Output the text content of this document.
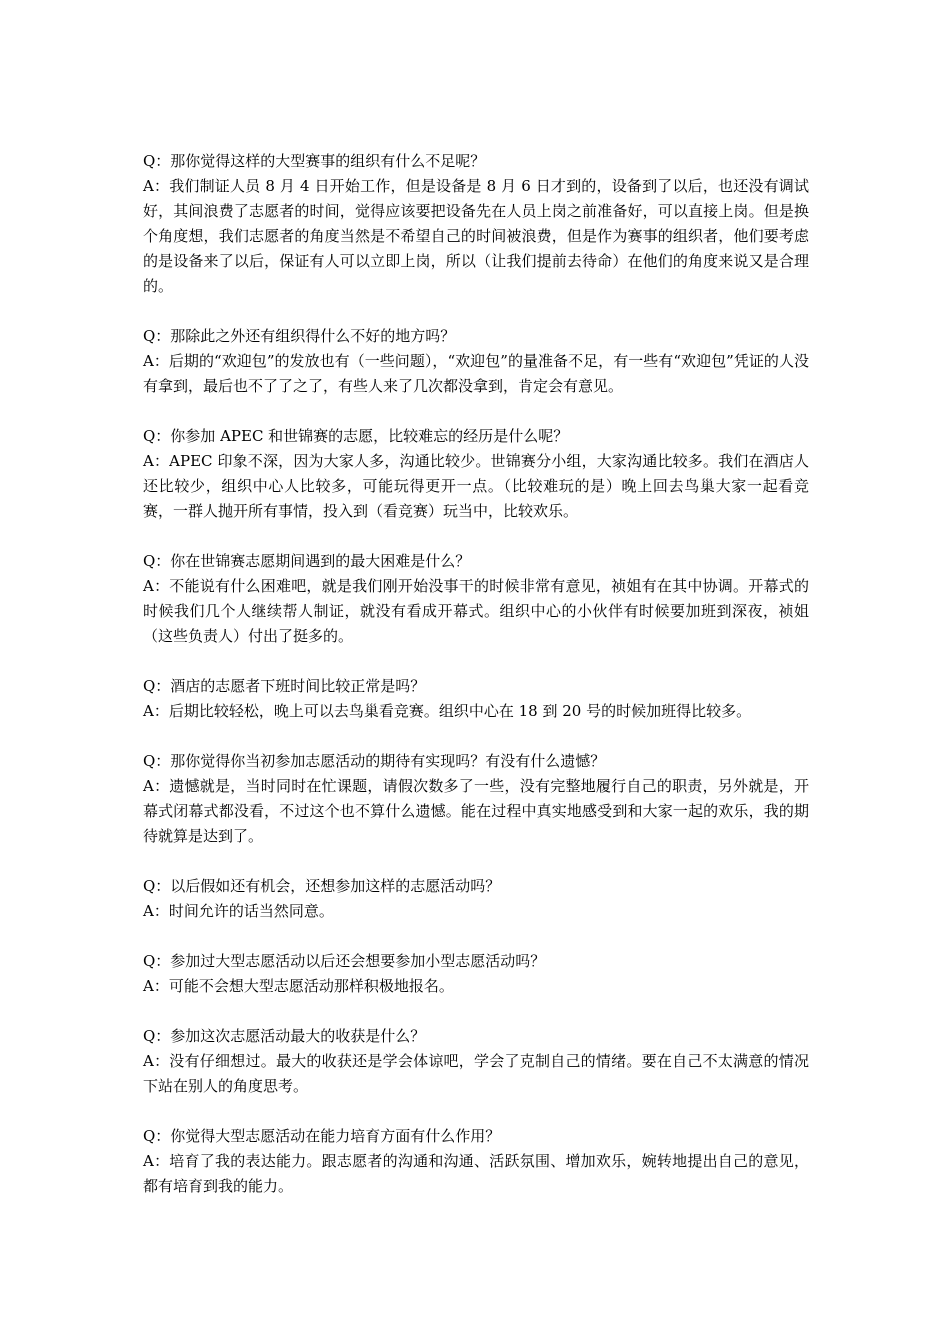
Q：那你觉得这样的大型赛事的组织有什么不足呢？

A：我们制证人员 8 月 4 日开始工作，但是设备是 8 月 6 日才到的，设备到了以后，也还没有调试好，其间浪费了志愿者的时间，觉得应该要把设备先在人员上岗之前准备好，可以直接上岗。但是换个角度想，我们志愿者的角度当然是不希望自己的时间被浪费，但是作为赛事的组织者，他们要考虑的是设备来了以后，保证有人可以立即上岗，所以（让我们提前去待命）在他们的角度来说又是合理的。

Q：那除此之外还有组织得什么不好的地方吗？

A：后期的“欢迎包”的发放也有（一些问题），“欢迎包”的量准备不足，有一些有“欢迎包”凭证的人没有拿到，最后也不了了之了，有些人来了几次都没拿到，肯定会有意见。

Q：你参加 APEC 和世锦赛的志愿，比较难忘的经历是什么呢？

A：APEC 印象不深，因为大家人多，沟通比较少。世锦赛分小组，大家沟通比较多。我们在酒店人还比较少，组织中心人比较多，可能玩得更开一点。（比较难玩的是）晚上回去鸟巢大家一起看竞赛，一群人抛开所有事情，投入到（看竞赛）玩当中，比较欢乐。

Q：你在世锦赛志愿期间遇到的最大困难是什么？

A：不能说有什么困难吧，就是我们刚开始没事干的时候非常有意见，祯姐有在其中协调。开幕式的时候我们几个人继续帮人制证，就没有看成开幕式。组织中心的小伙伴有时候要加班到深夜，祯姐（这些负责人）付出了挺多的。

Q：酒店的志愿者下班时间比较正常是吗？

A：后期比较轻松，晚上可以去鸟巢看竞赛。组织中心在 18 到 20 号的时候加班得比较多。

Q：那你觉得你当初参加志愿活动的期待有实现吗？有没有什么遗憾？

A：遗憾就是，当时同时在忙课题，请假次数多了一些，没有完整地履行自己的职责，另外就是，开幕式闭幕式都没看，不过这个也不算什么遗憾。能在过程中真实地感受到和大家一起的欢乐，我的期待就算是达到了。

Q：以后假如还有机会，还想参加这样的志愿活动吗？

A：时间允许的话当然同意。

Q：参加过大型志愿活动以后还会想要参加小型志愿活动吗？

A：可能不会想大型志愿活动那样积极地报名。

Q：参加这次志愿活动最大的收获是什么？

A：没有仔细想过。最大的收获还是学会体谅吧，学会了克制自己的情绪。要在自己不太满意的情况下站在别人的角度思考。

Q：你觉得大型志愿活动在能力培育方面有什么作用？

A：培育了我的表达能力。跟志愿者的沟通和沟通、活跃氛围、增加欢乐，婉转地提出自己的意见，都有培育到我的能力。
